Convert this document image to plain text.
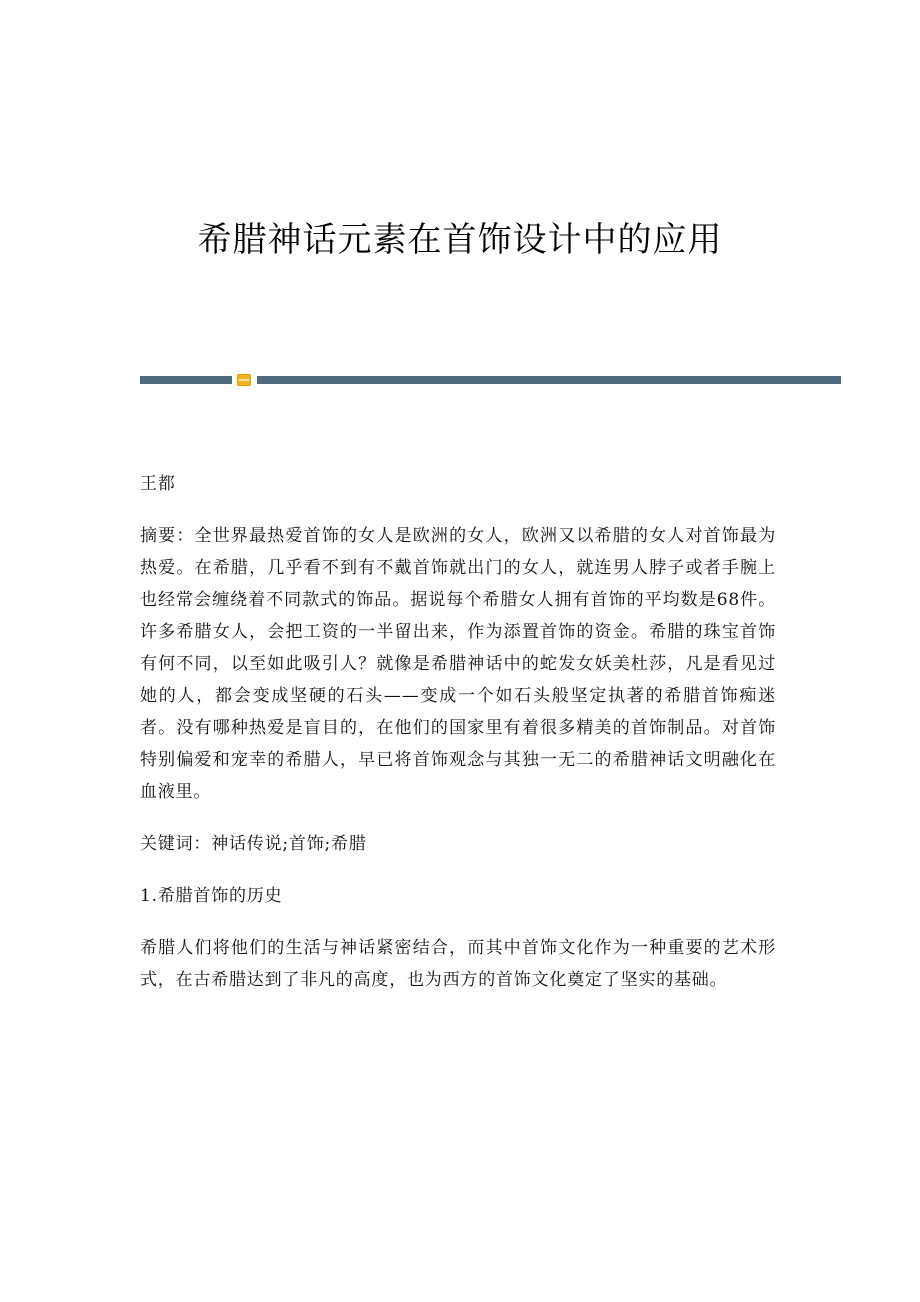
希腊神话元素在首饰设计中的应用

王都

摘要：全世界最热爱首饰的女人是欧洲的女人，欧洲又以希腊的女人对首饰最为热爱。在希腊，几乎看不到有不戴首饰就出门的女人，就连男人脖子或者手腕上也经常会缠绕着不同款式的饰品。据说每个希腊女人拥有首饰的平均数是68件。许多希腊女人，会把工资的一半留出来，作为添置首饰的资金。希腊的珠宝首饰有何不同，以至如此吸引人？就像是希腊神话中的蛇发女妖美杜莎，凡是看见过她的人，都会变成坚硬的石头——变成一个如石头般坚定执著的希腊首饰痴迷者。没有哪种热爱是盲目的，在他们的国家里有着很多精美的首饰制品。对首饰特别偏爱和宠幸的希腊人，早已将首饰观念与其独一无二的希腊神话文明融化在血液里。

关键词：神话传说;首饰;希腊

1.希腊首饰的历史

希腊人们将他们的生活与神话紧密结合，而其中首饰文化作为一种重要的艺术形式，在古希腊达到了非凡的高度，也为西方的首饰文化奠定了坚实的基础。
